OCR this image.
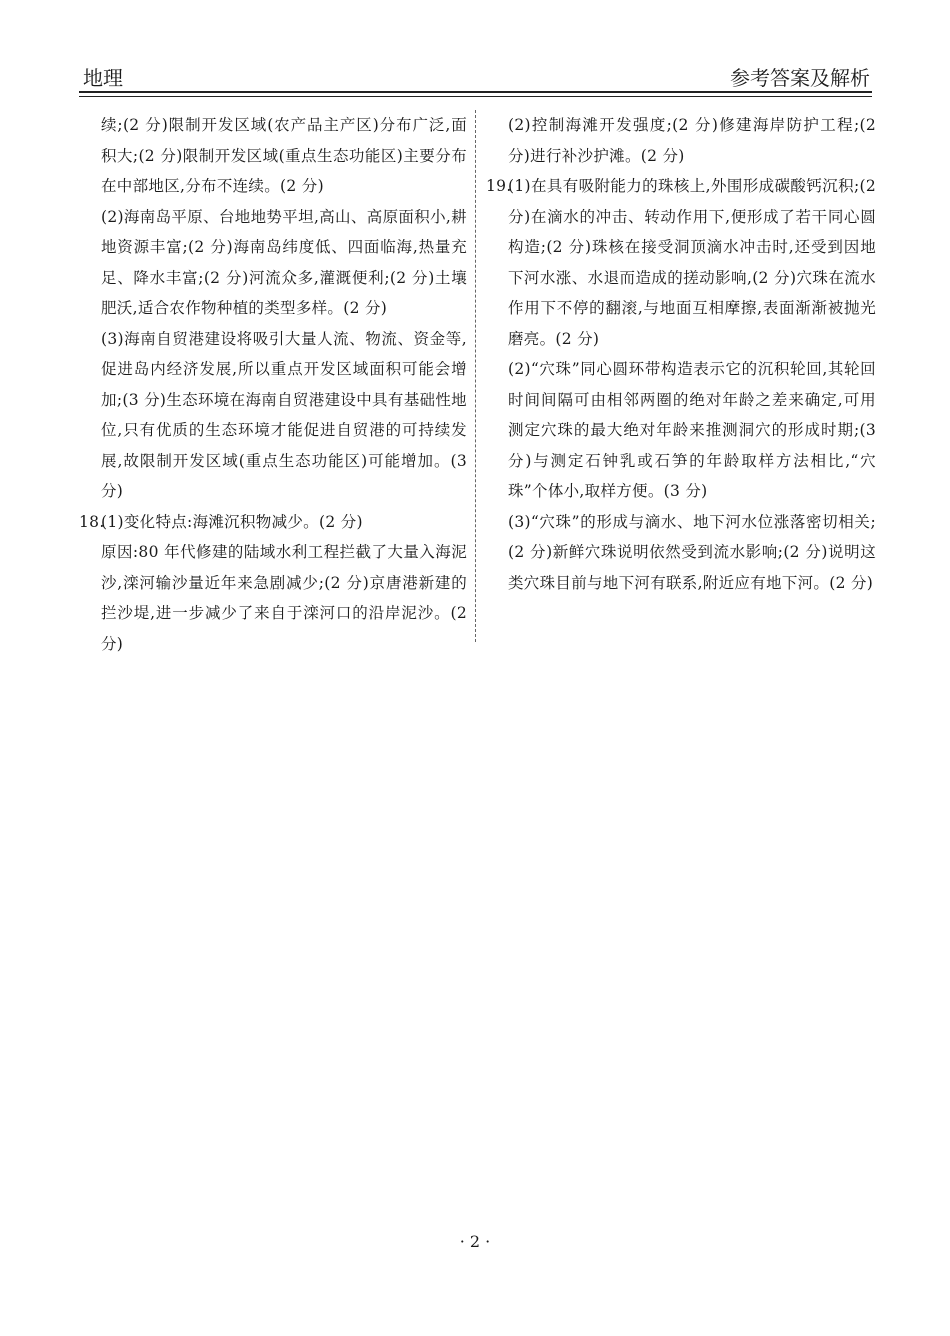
地理	参考答案及解析

续;(2 分)限制开发区域(农产品主产区)分布广泛,面积大;(2 分)限制开发区域(重点生态功能区)主要分布在中部地区,分布不连续。(2 分)

(2)海南岛平原、台地地势平坦,高山、高原面积小,耕地资源丰富;(2 分)海南岛纬度低、四面临海,热量充足、降水丰富;(2 分)河流众多,灌溉便利;(2 分)土壤肥沃,适合农作物种植的类型多样。(2 分)

(3)海南自贸港建设将吸引大量人流、物流、资金等,促进岛内经济发展,所以重点开发区域面积可能会增加;(3 分)生态环境在海南自贸港建设中具有基础性地位,只有优质的生态环境才能促进自贸港的可持续发展,故限制开发区域(重点生态功能区)可能增加。(3 分)

18.

(1)变化特点:海滩沉积物减少。(2 分)

原因:80 年代修建的陆域水利工程拦截了大量入海泥沙,滦河输沙量近年来急剧减少;(2 分)京唐港新建的拦沙堤,进一步减少了来自于滦河口的沿岸泥沙。(2 分)

(2)控制海滩开发强度;(2 分)修建海岸防护工程;(2 分)进行补沙护滩。(2 分)

19.

(1)在具有吸附能力的珠核上,外围形成碳酸钙沉积;(2 分)在滴水的冲击、转动作用下,便形成了若干同心圆构造;(2 分)珠核在接受洞顶滴水冲击时,还受到因地下河水涨、水退而造成的搓动影响,(2 分)穴珠在流水作用下不停的翻滚,与地面互相摩擦,表面渐渐被抛光磨亮。(2 分)

(2)“穴珠”同心圆环带构造表示它的沉积轮回,其轮回时间间隔可由相邻两圈的绝对年龄之差来确定,可用测定穴珠的最大绝对年龄来推测洞穴的形成时期;(3 分)与测定石钟乳或石笋的年龄取样方法相比,“穴珠”个体小,取样方便。(3 分)

(3)“穴珠”的形成与滴水、地下河水位涨落密切相关;(2 分)新鲜穴珠说明依然受到流水影响;(2 分)说明这类穴珠目前与地下河有联系,附近应有地下河。(2 分)

· 2 ·
